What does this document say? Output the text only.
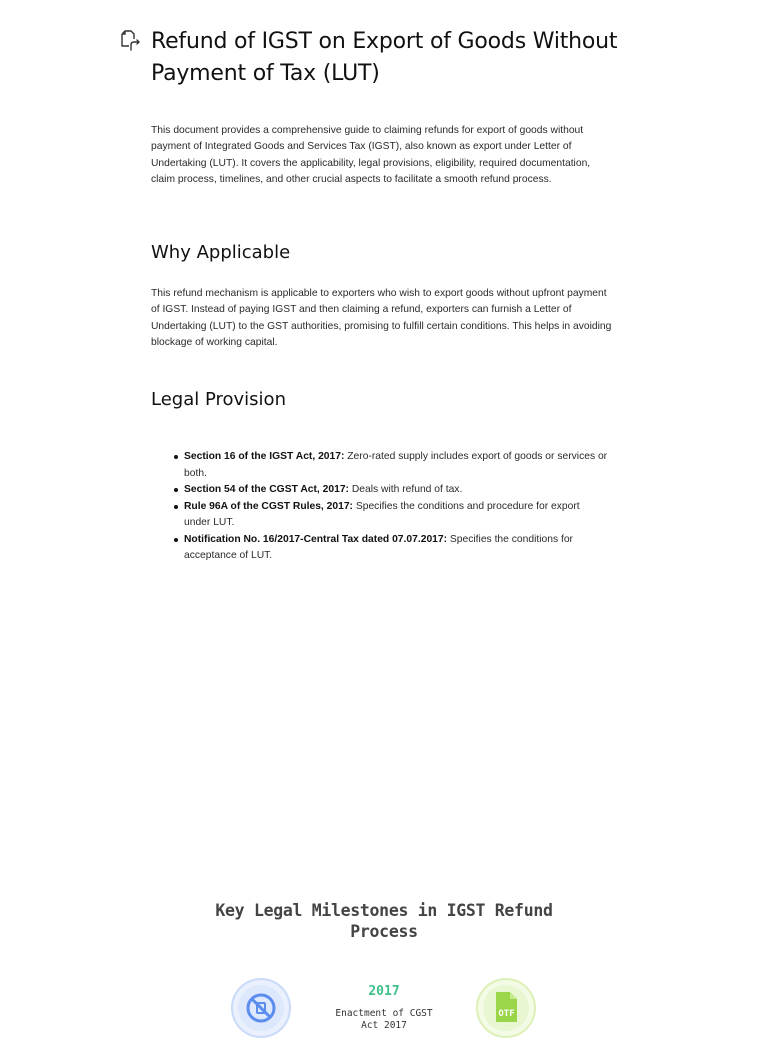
Refund of IGST on Export of Goods Without Payment of Tax (LUT)

This document provides a comprehensive guide to claiming refunds for export of goods without payment of Integrated Goods and Services Tax (IGST), also known as export under Letter of Undertaking (LUT). It covers the applicability, legal provisions, eligibility, required documentation, claim process, timelines, and other crucial aspects to facilitate a smooth refund process.

Why Applicable

This refund mechanism is applicable to exporters who wish to export goods without upfront payment of IGST. Instead of paying IGST and then claiming a refund, exporters can furnish a Letter of Undertaking (LUT) to the GST authorities, promising to fulfill certain conditions. This helps in avoiding blockage of working capital.

Legal Provision
Section 16 of the IGST Act, 2017: Zero-rated supply includes export of goods or services or both.
Section 54 of the CGST Act, 2017: Deals with refund of tax.
Rule 96A of the CGST Rules, 2017: Specifies the conditions and procedure for export under LUT.
Notification No. 16/2017-Central Tax dated 07.07.2017: Specifies the conditions for acceptance of LUT.
Key Legal Milestones in IGST Refund Process
2017
Enactment of CGST Act 2017
OTF
